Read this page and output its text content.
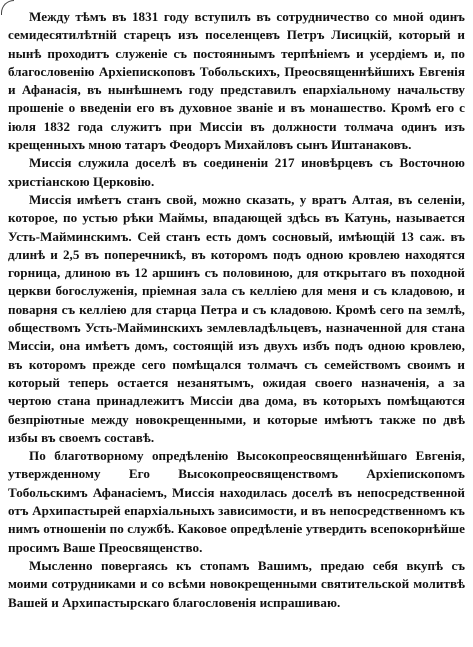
Между тѣмъ въ 1831 году вступилъ въ сотрудничество со мной одинъ семидесятилѣтній старецъ изъ поселенцевъ Петръ Лисицкій, который и нынѣ проходитъ служеніе съ постояннымъ терпѣніемъ и усердіемъ и, по благословенію Архіепископовъ Тобольскихъ, Преосвященнѣйшихъ Евгенія и Афанасія, въ нынѣшнемъ году представилъ епархіальному начальству прошеніе о введеніи его въ духовное званіе и въ монашество. Кромѣ его с іюля 1832 года служитъ при Миссіи въ должности толмача одинъ изъ крещенныхъ мною татаръ Феодоръ Михайловъ сынъ Иштанаковъ.

Миссія служила доселѣ въ соединеніи 217 иновѣрцевъ съ Восточною христіанскою Церковію.

Миссія имѣетъ станъ свой, можно сказать, у вратъ Алтая, въ селеніи, которое, по устью рѣки Маймы, впадающей здѣсь въ Катунь, называется Усть-Майминскимъ. Сей станъ есть домъ сосновый, имѣющій 13 саж. въ длинѣ и 2,5 въ поперечникѣ, въ которомъ подъ одною кровлею находятся горница, длиною въ 12 аршинъ съ половиною, для открытаго въ походной церкви богослуженія, пріемная зала съ келліею для меня и съ кладовою, и поварня съ келліею для старца Петра и съ кладовою. Кромѣ сего па землѣ, обществомъ Усть-Майминскихъ землевладѣльцевъ, назначенной для стана Миссіи, она имѣетъ домъ, состоящій изъ двухъ избъ подъ одною кровлею, въ которомъ прежде сего помѣщался толмачъ съ семействомъ своимъ и который теперь остается незанятымъ, ожидая своего назначенія, а за чертою стана принадлежитъ Миссіи два дома, въ которыхъ помѣщаются безпріютные между новокрещенными, и которые имѣютъ также по двѣ избы въ своемъ составѣ.

По благотворному опредѣленію Высокопреосвященнѣйшаго Евгенія, утвержденному Его Высокопреосвященствомъ Архіепископомъ Тобольскимъ Афанасіемъ, Миссія находилась доселѣ въ непосредственной отъ Архипастырей епархіальныхъ зависимости, и въ непосредственномъ къ нимъ отношеніи по службѣ. Каковое опредѣленіе утвердить всепокорнѣйше просимъ Ваше Преосвященство.

Мысленно повергаясь къ стопамъ Вашимъ, предаю себя вкупѣ съ моими сотрудниками и со всѣми новокрещенными святительской молитвѣ Вашей и Архипастырскаго благословенія испрашиваю.
